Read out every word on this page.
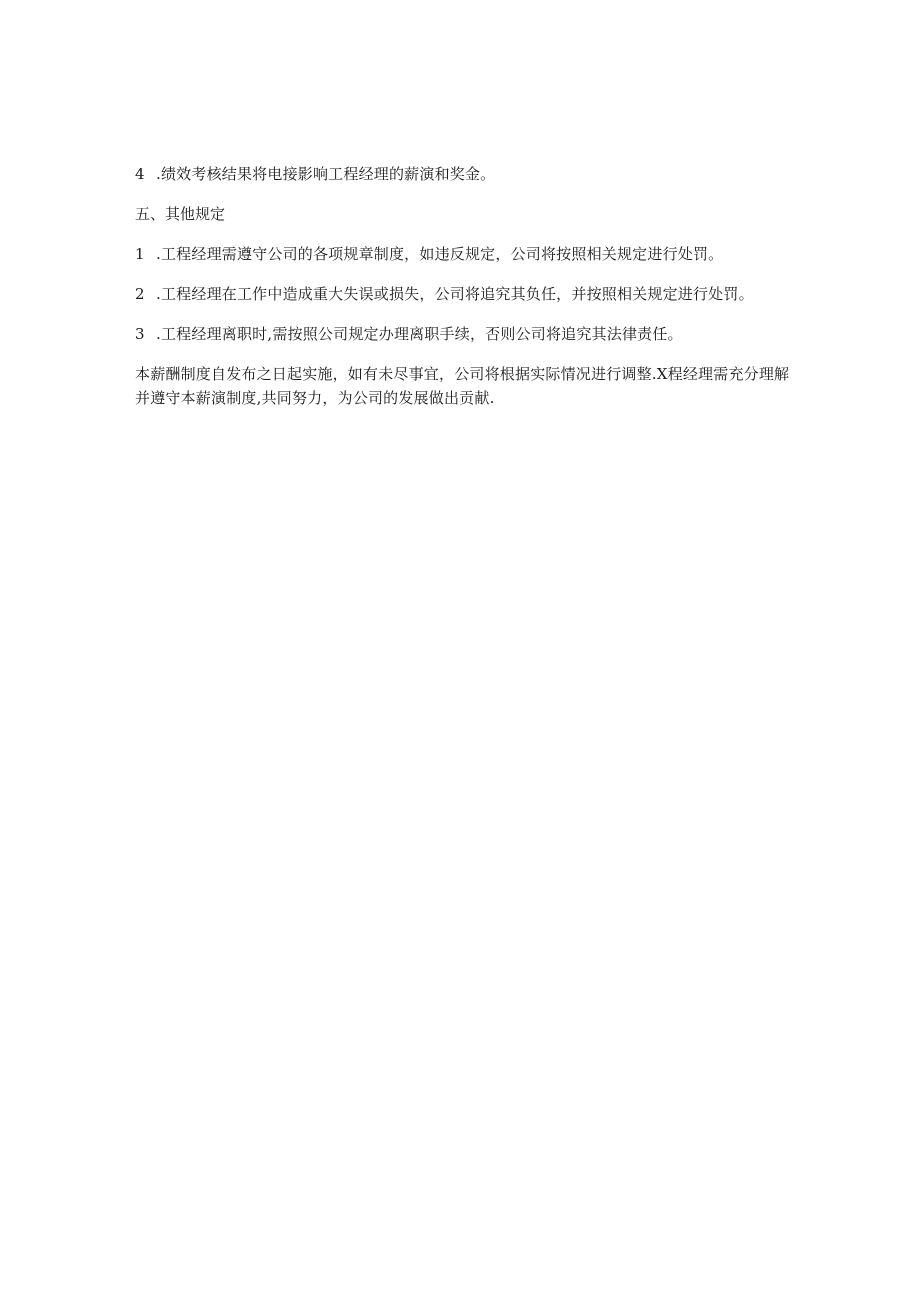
4 .绩效考核结果将电接影响工程经理的薪演和奖金。

五、其他规定

1 .工程经理需遵守公司的各项规章制度，如违反规定，公司将按照相关规定进行处罚。

2 .工程经理在工作中造成重大失误或损失，公司将追究其负任，并按照相关规定进行处罚。

3 .工程经理离职时,需按照公司规定办理离职手续，否则公司将追究其法律责任。

本薪酬制度自发布之日起实施，如有未尽事宜，公司将根据实际情况进行调整.X程经理需充分理解并遵守本薪演制度,共同努力，为公司的发展做出贡献.
